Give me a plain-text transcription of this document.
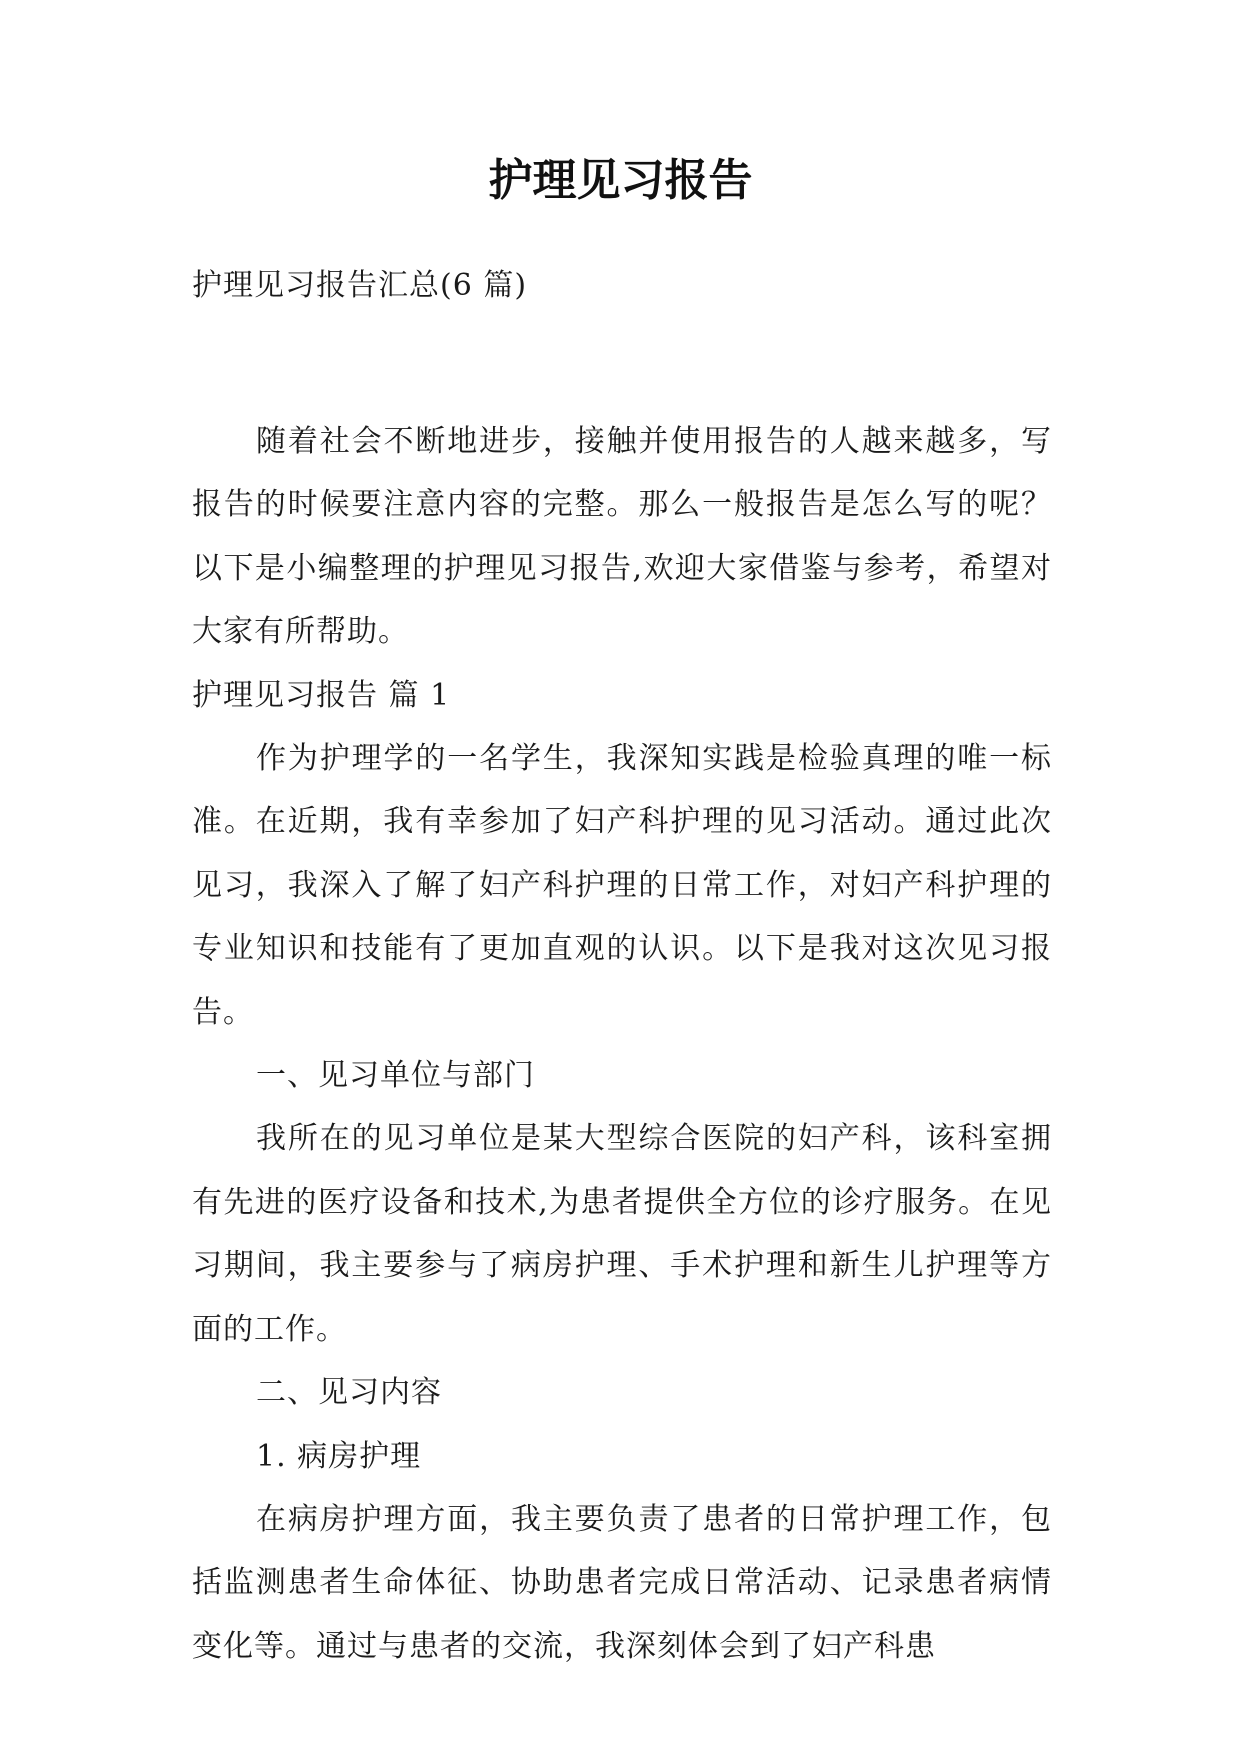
护理见习报告

护理见习报告汇总(6 篇)

随着社会不断地进步，接触并使用报告的人越来越多，写报告的时候要注意内容的完整。那么一般报告是怎么写的呢？以下是小编整理的护理见习报告,欢迎大家借鉴与参考，希望对大家有所帮助。

护理见习报告 篇 1

作为护理学的一名学生，我深知实践是检验真理的唯一标准。在近期，我有幸参加了妇产科护理的见习活动。通过此次见习，我深入了解了妇产科护理的日常工作，对妇产科护理的专业知识和技能有了更加直观的认识。以下是我对这次见习报告。

一、见习单位与部门

我所在的见习单位是某大型综合医院的妇产科，该科室拥有先进的医疗设备和技术,为患者提供全方位的诊疗服务。在见习期间，我主要参与了病房护理、手术护理和新生儿护理等方面的工作。

二、见习内容

1. 病房护理

在病房护理方面，我主要负责了患者的日常护理工作，包括监测患者生命体征、协助患者完成日常活动、记录患者病情变化等。通过与患者的交流，我深刻体会到了妇产科患
